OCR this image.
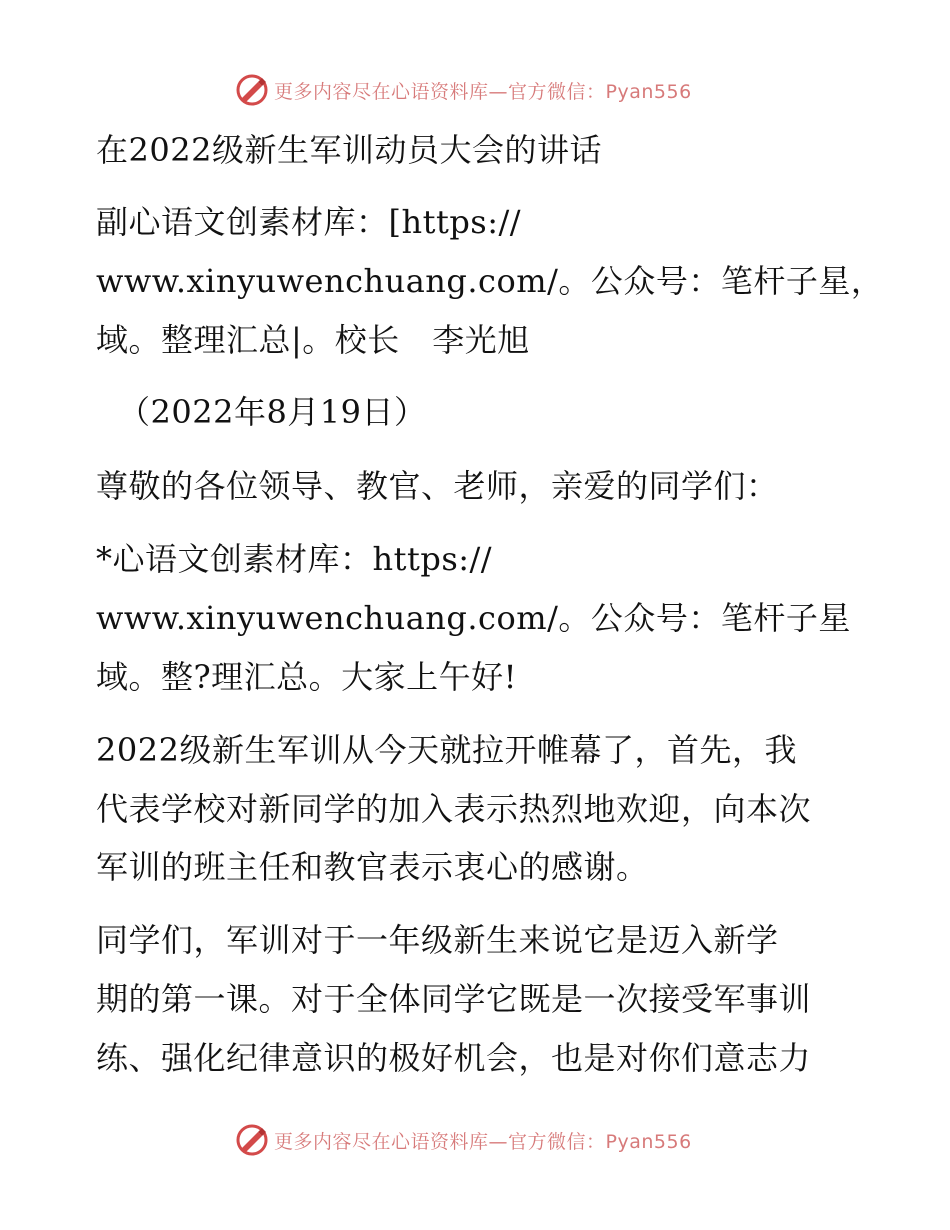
更多内容尽在心语资料库—官方微信：Pyan556
在2022级新生军训动员大会的讲话
副心语文创素材库：[https://
www.xinyuwenchuang.com/。公众号：笔杆子星，
域。整理汇总|。校长　李光旭
（2022年8月19日）
尊敬的各位领导、教官、老师，亲爱的同学们：
*心语文创素材库：https://
www.xinyuwenchuang.com/。公众号：笔杆子星
域。整?理汇总。大家上午好!
2022级新生军训从今天就拉开帷幕了，首先，我
代表学校对新同学的加入表示热烈地欢迎，向本次
军训的班主任和教官表示衷心的感谢。
同学们，军训对于一年级新生来说它是迈入新学
期的第一课。对于全体同学它既是一次接受军事训
练、强化纪律意识的极好机会，也是对你们意志力
更多内容尽在心语资料库—官方微信：Pyan556
